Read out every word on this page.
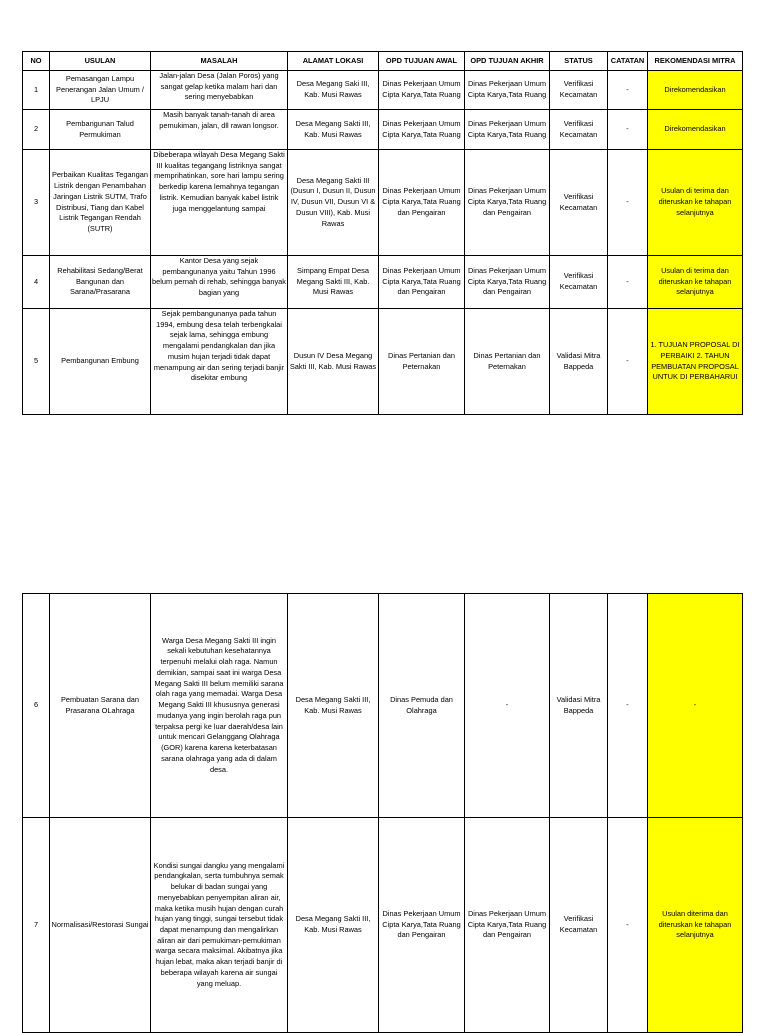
NO	USULAN	MASALAH	ALAMAT LOKASI	OPD TUJUAN AWAL	OPD TUJUAN AKHIR	STATUS	CATATAN	REKOMENDASI MITRA
1	Pemasangan Lampu Penerangan Jalan Umum / LPJU	Jalan-jalan Desa (Jalan Poros) yang sangat gelap ketika malam hari dan sering menyebabkan	Desa Megang Saki III, Kab. Musi Rawas	Dinas Pekerjaan Umum Cipta Karya,Tata Ruang	Dinas Pekerjaan Umum Cipta Karya,Tata Ruang	Verifikasi Kecamatan	-	Direkomendasikan
2	Pembangunan Talud Permukiman	Masih banyak tanah-tanah di area pemukiman, jalan, dll rawan longsor.	Desa Megang Sakti III, Kab. Musi Rawas	Dinas Pekerjaan Umum Cipta Karya,Tata Ruang	Dinas Pekerjaan Umum Cipta Karya,Tata Ruang	Verifikasi Kecamatan	-	Direkomendasikan
3	Perbaikan Kualitas Tegangan Listrik dengan Penambahan Jaringan Listrik SUTM, Trafo Distribusi, Tiang dan Kabel Listrik Tegangan Rendah (SUTR)	Dibeberapa wilayah Desa Megang Sakti III kualitas tegangang listriknya sangat memprihatinkan, sore hari lampu sering berkedip karena lemahnya tegangan listrik. Kemudian banyak kabel listrik juga menggelantung sampai	Desa Megang Sakti III (Dusun I, Dusun II, Dusun IV, Dusun VII, Dusun VI & Dusun VIII), Kab. Musi Rawas	Dinas Pekerjaan Umum Cipta Karya,Tata Ruang dan Pengairan	Dinas Pekerjaan Umum Cipta Karya,Tata Ruang dan Pengairan	Verifikasi Kecamatan	-	Usulan di terima dan diteruskan ke tahapan selanjutnya
4	Rehabilitasi Sedang/Berat Bangunan dan Sarana/Prasarana	Kantor Desa yang sejak pembangunanya yaitu Tahun 1996 belum pernah di rehab, sehingga banyak bagian yang	Simpang Empat Desa Megang Sakti III, Kab. Musi Rawas	Dinas Pekerjaan Umum Cipta Karya,Tata Ruang dan Pengairan	Dinas Pekerjaan Umum Cipta Karya,Tata Ruang dan Pengairan	Verifikasi Kecamatan	-	Usulan di terima dan diteruskan ke tahapan selanjutnya
5	Pembangunan Embung	Sejak pembangunanya pada tahun 1994, embung desa telah terbengkalai sejak lama, sehingga embung mengalami pendangkalan dan jika musim hujan terjadi tidak dapat menampung air dan sering terjadi banjir disekitar embung	Dusun IV Desa Megang Sakti III, Kab. Musi Rawas	Dinas Pertanian dan Peternakan	Dinas Pertanian dan Peternakan	Validasi Mitra Bappeda	-	1. TUJUAN PROPOSAL DI PERBAIKI 2. TAHUN PEMBUATAN PROPOSAL UNTUK DI PERBAHARUI
6	Pembuatan Sarana dan Prasarana OLahraga	Warga Desa Megang Sakti III ingin sekali kebutuhan kesehatannya terpenuhi melalui olah raga. Namun demikian, sampai saat ini warga Desa Megang Sakti III belum memiliki sarana olah raga yang memadai. Warga Desa Megang Sakti III khususnya generasi mudanya yang ingin berolah raga pun terpaksa pergi ke luar daerah/desa lain untuk mencari Gelanggang Olahraga (GOR) karena karena keterbatasan sarana olahraga yang ada di dalam desa.	Desa Megang Sakti III, Kab. Musi Rawas	Dinas Pemuda dan Olahraga	-	Validasi Mitra Bappeda	-	-
7	Normalisasi/Restorasi Sungai	Kondisi sungai dangku yang mengalami pendangkalan, serta tumbuhnya semak belukar di badan sungai yang menyebabkan penyempitan aliran air, maka ketika musih hujan dengan curah hujan yang tinggi, sungai tersebut tidak dapat menampung dan mengalirkan aliran air dari pemukiman-pemukiman warga secara maksimal. Akibatnya jika hujan lebat, maka akan terjadi banjir di beberapa wilayah karena air sungai yang meluap.	Desa Megang Sakti III, Kab. Musi Rawas	Dinas Pekerjaan Umum Cipta Karya,Tata Ruang dan Pengairan	Dinas Pekerjaan Umum Cipta Karya,Tata Ruang dan Pengairan	Verifikasi Kecamatan	-	Usulan diterima dan diteruskan ke tahapan selanjutnya
